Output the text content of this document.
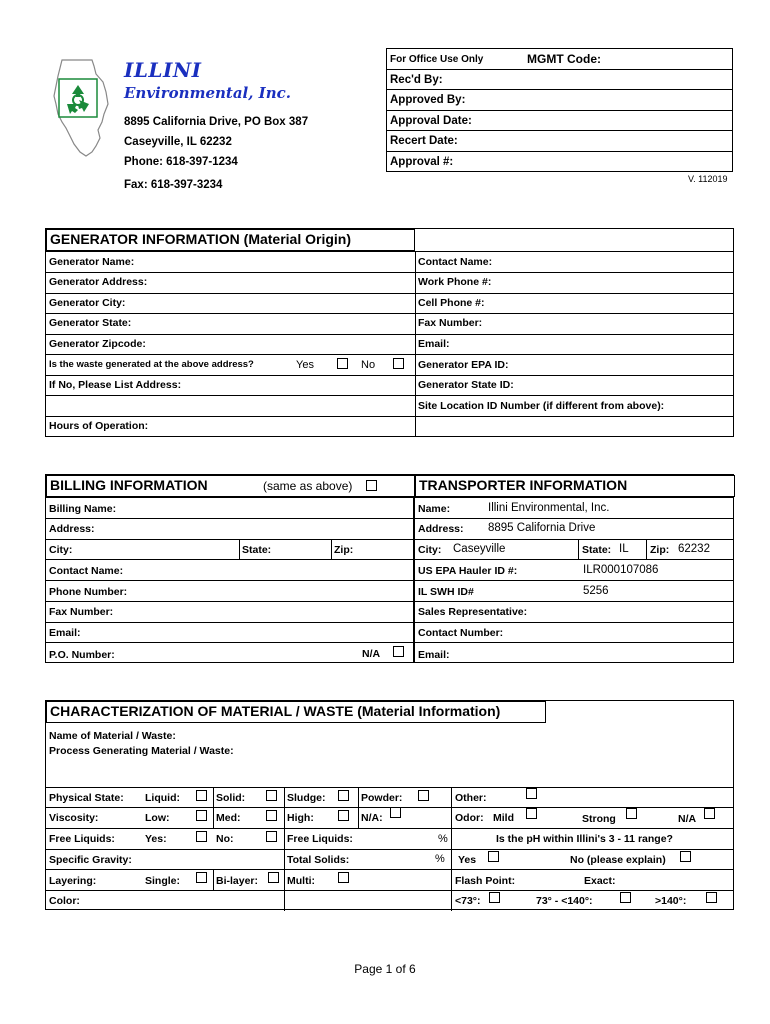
ILLINI
Environmental, Inc.
8895 California Drive, PO Box 387
Caseyville, IL 62232
Phone: 618-397-1234
Fax: 618-397-3234
For Office Use Only	MGMT Code:
Rec'd By:
Approved By:
Approval Date:
Recert Date:
Approval #:
V. 112019
GENERATOR INFORMATION (Material Origin)
Generator Name:
Generator Address:
Generator City:
Generator State:
Generator Zipcode:
Is the waste generated at the above address?	Yes	No
If No, Please List Address:
Hours of Operation:
Contact Name:
Work Phone #:
Cell Phone #:
Fax Number:
Email:
Generator EPA ID:
Generator State ID:
Site Location ID Number (if different from above):
BILLING INFORMATION	(same as above)
Billing Name:
Address:
City:	State:	Zip:
Contact Name:
Phone Number:
Fax Number:
Email:
P.O. Number:	N/A
TRANSPORTER INFORMATION
Name:	Illini Environmental, Inc.
Address: 8895 California Drive
City: Caseyville	State: IL Zip: 62232
US EPA Hauler ID #:	ILR000107086
IL SWH ID#	5256
Sales Representative:
Contact Number:
Email:
CHARACTERIZATION OF MATERIAL / WASTE (Material Information)
Name of Material / Waste:
Process Generating Material / Waste:
Physical State: Liquid:	Solid:	Sludge:	Powder:	Other:
Viscosity:	Low:	Med:	High:	N/A:	Odor: Mild	Strong	N/A
Free Liquids:	Yes:	No:	Free Liquids:	%	Is the pH within Illini's 3 - 11 range?
Specific Gravity:	Total Solids:	% Yes	No (please explain)
Layering:	Single:	Bi-layer:	Multi:	Flash Point:	Exact:
Color:	<73°:	73° - <140°:	>140°:
Page 1 of 6
